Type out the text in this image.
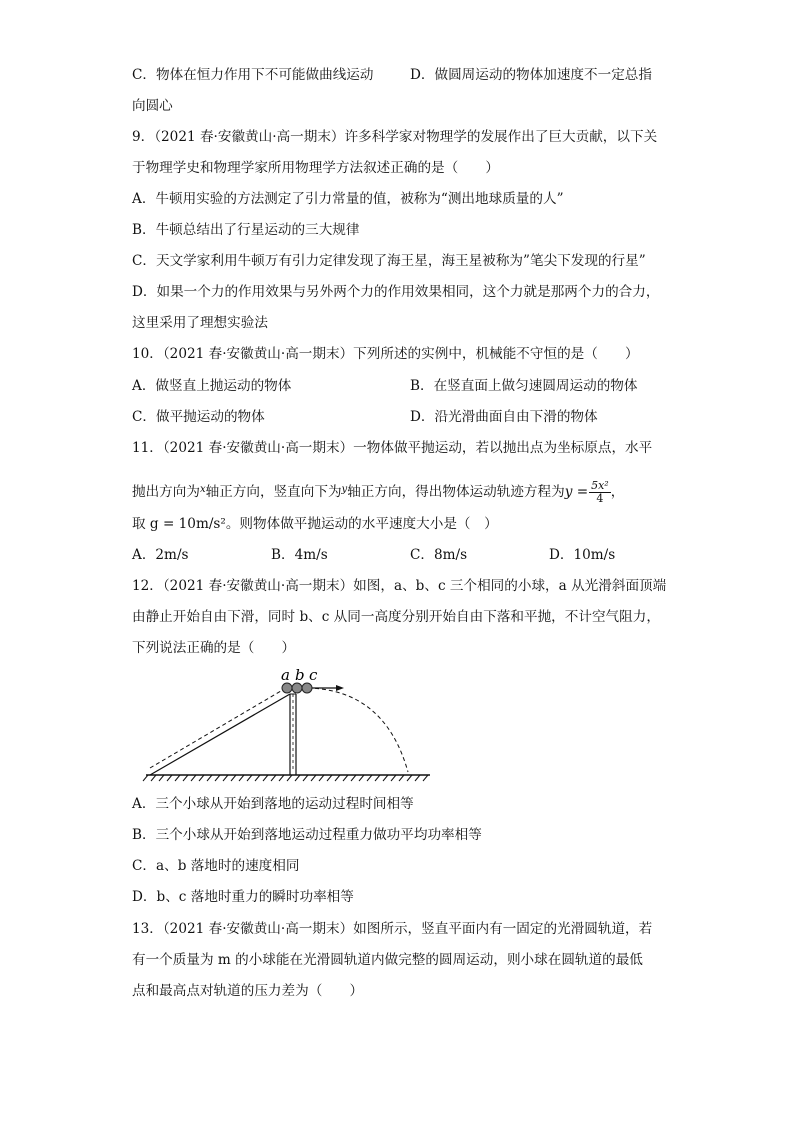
C．物体在恒力作用下不可能做曲线运动	D．做圆周运动的物体加速度不一定总指
向圆心
9．（2021 春·安徽黄山·高一期末）许多科学家对物理学的发展作出了巨大贡献，以下关
于物理学史和物理学家所用物理学方法叙述正确的是（　　）
A．牛顿用实验的方法测定了引力常量的值，被称为“测出地球质量的人”
B．牛顿总结出了行星运动的三大规律
C．天文学家利用牛顿万有引力定律发现了海王星，海王星被称为”笔尖下发现的行星”
D．如果一个力的作用效果与另外两个力的作用效果相同，这个力就是那两个力的合力，
这里采用了理想实验法
10．（2021 春·安徽黄山·高一期末）下列所述的实例中，机械能不守恒的是（　　）
A．做竖直上抛运动的物体	B．在竖直面上做匀速圆周运动的物体
C．做平抛运动的物体	D．沿光滑曲面自由下滑的物体
11．（2021 春·安徽黄山·高一期末）一物体做平抛运动，若以抛出点为坐标原点，水平
抛出方向为$^x$轴正方向，竖直向下为$^y$轴正方向，得出物体运动轨迹方程为$y = \frac{\text{5x²}}{4}$ ，
取 g = 10m/s²。则物体做平抛运动的水平速度大小是（　）
A．2m/s	B．4m/s	C．8m/s	D．10m/s
12．（2021 春·安徽黄山·高一期末）如图，a、b、c 三个相同的小球，a 从光滑斜面顶端
由静止开始自由下滑，同时 b、c 从同一高度分别开始自由下落和平抛，不计空气阻力，
下列说法正确的是（　　）
a b c
A．三个小球从开始到落地的运动过程时间相等
B．三个小球从开始到落地运动过程重力做功平均功率相等
C．a、b 落地时的速度相同
D．b、c 落地时重力的瞬时功率相等
13．（2021 春·安徽黄山·高一期末）如图所示，竖直平面内有一固定的光滑圆轨道，若
有一个质量为 m 的小球能在光滑圆轨道内做完整的圆周运动，则小球在圆轨道的最低
点和最高点对轨道的压力差为（　　）
